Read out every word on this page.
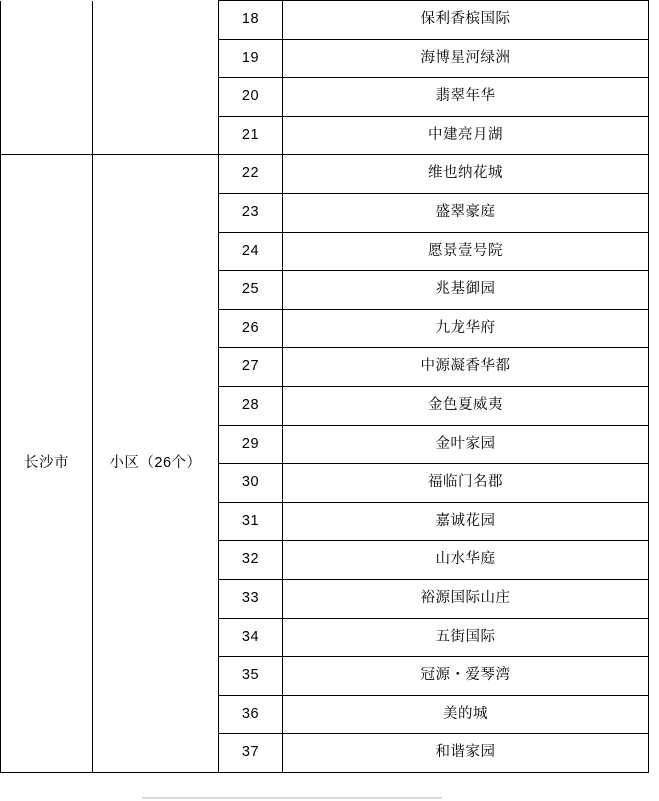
		18	保利香槟国际
		19	海博星河绿洲
		20	翡翠年华
		21	中建亮月湖
长沙市	小区（26个）	22	维也纳花城
		23	盛翠豪庭
		24	愿景壹号院
		25	兆基御园
		26	九龙华府
		27	中源凝香华都
		28	金色夏威夷
		29	金叶家园
		30	福临门名郡
		31	嘉诚花园
		32	山水华庭
		33	裕源国际山庄
		34	五街国际
		35	冠源・爱琴湾
		36	美的城
		37	和谐家园
